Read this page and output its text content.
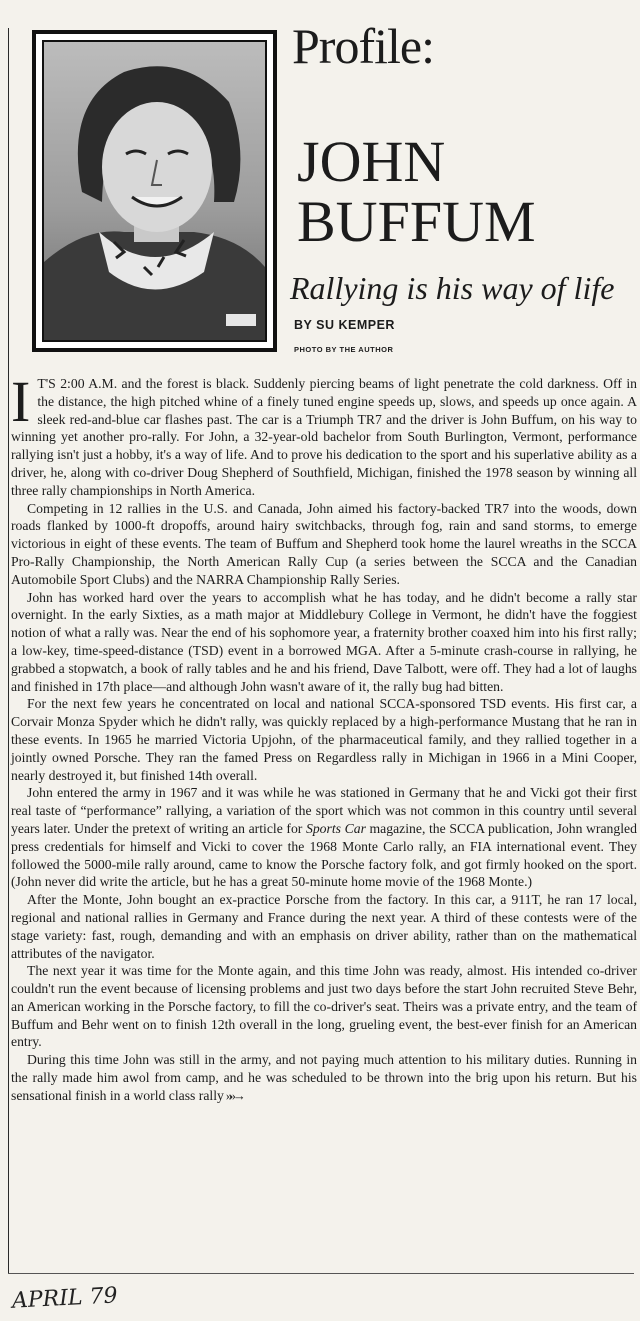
Profile:
JOHN
BUFFUM
Rallying is his way of life
BY SU KEMPER
PHOTO BY THE AUTHOR

I T'S 2:00 A.M. and the forest is black. Suddenly piercing beams of light penetrate the cold darkness. Off in the distance, the high pitched whine of a finely tuned engine speeds up, slows, and speeds up once again. A sleek red-and-blue car flashes past. The car is a Triumph TR7 and the driver is John Buffum, on his way to winning yet another pro-rally. For John, a 32-year-old bachelor from South Burlington, Vermont, performance rallying isn't just a hobby, it's a way of life. And to prove his dedication to the sport and his superlative ability as a driver, he, along with co-driver Doug Shepherd of Southfield, Michigan, finished the 1978 season by winning all three rally championships in North America.

Competing in 12 rallies in the U.S. and Canada, John aimed his factory-backed TR7 into the woods, down roads flanked by 1000-ft dropoffs, around hairy switchbacks, through fog, rain and sand storms, to emerge victorious in eight of these events. The team of Buffum and Shepherd took home the laurel wreaths in the SCCA Pro-Rally Championship, the North American Rally Cup (a series between the SCCA and the Canadian Automobile Sport Clubs) and the NARRA Championship Rally Series.

John has worked hard over the years to accomplish what he has today, and he didn't become a rally star overnight. In the early Sixties, as a math major at Middlebury College in Vermont, he didn't have the foggiest notion of what a rally was. Near the end of his sophomore year, a fraternity brother coaxed him into his first rally; a low-key, time-speed-distance (TSD) event in a borrowed MGA. After a 5-minute crash-course in rallying, he grabbed a stopwatch, a book of rally tables and he and his friend, Dave Talbott, were off. They had a lot of laughs and finished in 17th place—and although John wasn't aware of it, the rally bug had bitten.

For the next few years he concentrated on local and national SCCA-sponsored TSD events. His first car, a Corvair Monza Spyder which he didn't rally, was quickly replaced by a high-performance Mustang that he ran in these events. In 1965 he married Victoria Upjohn, of the pharmaceutical family, and they rallied together in a jointly owned Porsche. They ran the famed Press on Regardless rally in Michigan in 1966 in a Mini Cooper, nearly destroyed it, but finished 14th overall.

John entered the army in 1967 and it was while he was stationed in Germany that he and Vicki got their first real taste of “performance” rallying, a variation of the sport which was not common in this country until several years later. Under the pretext of writing an article for Sports Car magazine, the SCCA publication, John wrangled press credentials for himself and Vicki to cover the 1968 Monte Carlo rally, an FIA international event. They followed the 5000-mile rally around, came to know the Porsche factory folk, and got firmly hooked on the sport. (John never did write the article, but he has a great 50-minute home movie of the 1968 Monte.)

After the Monte, John bought an ex-practice Porsche from the factory. In this car, a 911T, he ran 17 local, regional and national rallies in Germany and France during the next year. A third of these contests were of the stage variety: fast, rough, demanding and with an emphasis on driver ability, rather than on the mathematical attributes of the navigator.

The next year it was time for the Monte again, and this time John was ready, almost. His intended co-driver couldn't run the event because of licensing problems and just two days before the start John recruited Steve Behr, an American working in the Porsche factory, to fill the co-driver's seat. Theirs was a private entry, and the team of Buffum and Behr went on to finish 12th overall in the long, grueling event, the best-ever finish for an American entry.

During this time John was still in the army, and not paying much attention to his military duties. Running in the rally made him awol from camp, and he was scheduled to be thrown into the brig upon his return. But his sensational finish in a world class rally »»→

APRIL 79
